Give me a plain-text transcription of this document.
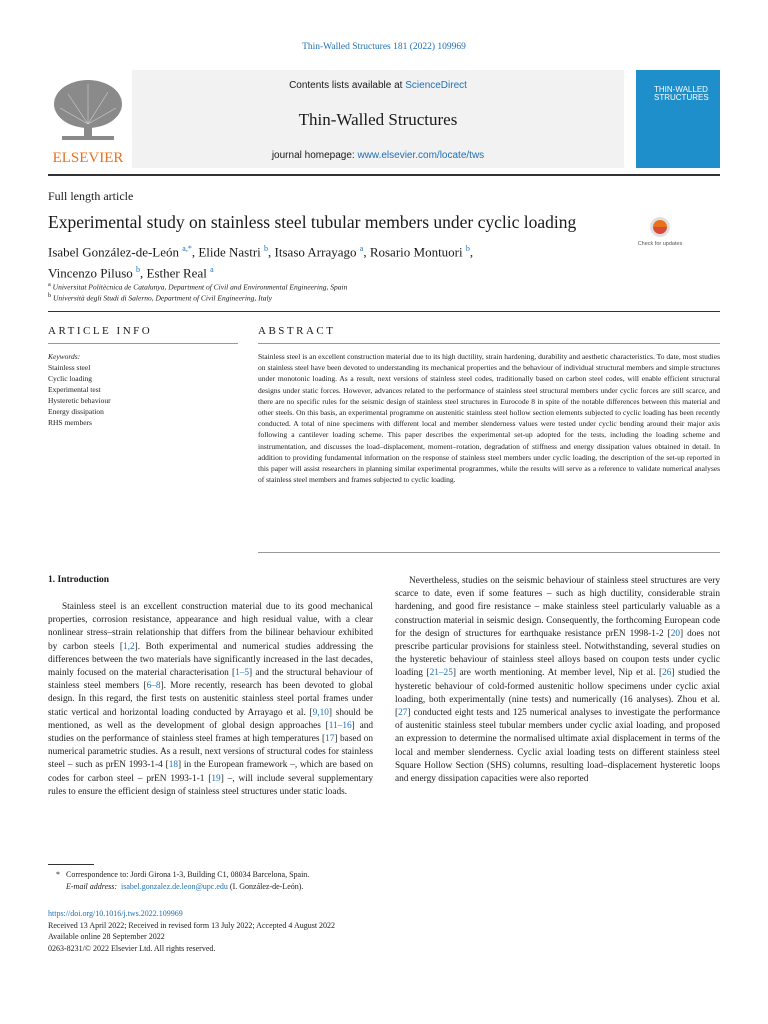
Thin-Walled Structures 181 (2022) 109969
ELSEVIER
Contents lists available at ScienceDirect
Thin-Walled Structures
journal homepage: www.elsevier.com/locate/tws
THIN-WALLED STRUCTURES
Full length article
Experimental study on stainless steel tubular members under cyclic loading
Isabel González-de-León $^{a,*}$, Elide Nastri $^b$, Itsaso Arrayago $^a$, Rosario Montuori $^b$,
Vincenzo Piluso $^b$, Esther Real $^a$
Check for updates
$^a$ Universitat Politècnica de Catalunya, Department of Civil and Environmental Engineering, Spain
$^b$ Università degli Studi di Salerno, Department of Civil Engineering, Italy
ARTICLE INFO	ABSTRACT
Keywords:
Stainless steel
Cyclic loading
Experimental test
Hysteretic behaviour
Energy dissipation
RHS members
Stainless steel is an excellent construction material due to its high ductility, strain hardening, durability and aesthetic characteristics. To date, most studies on stainless steel have been devoted to understanding its mechanical properties and the behaviour of individual structural members and simple structures under monotonic loading. As a result, next versions of stainless steel codes, traditionally based on carbon steel codes, will enable efficient structural designs under static forces. However, advances related to the performance of stainless steel structural members under cyclic forces are still scarce, and there are no specific rules for the seismic design of stainless steel structures in Eurocode 8 in spite of the notable differences between this material and other steels. On this basis, an experimental programme on austenitic stainless steel hollow section elements subjected to cyclic loading has been recently conducted. A total of nine specimens with different local and member slenderness values were tested under cyclic bending around their major axis following a cantilever loading scheme. This paper describes the experimental set-up adopted for the tests, including the loading scheme and instrumentation, and discusses the load–displacement, moment–rotation, degradation of stiffness and energy dissipation values obtained in detail. In addition to providing fundamental information on the response of stainless steel members under cyclic loading, the description of the set-up reported in this paper will assist researchers in planning similar experimental programmes, while the results will serve as a reference to validate numerical analyses of stainless steel members and frames subjected to cyclic loading.
1. Introduction
Stainless steel is an excellent construction material due to its good mechanical properties, corrosion resistance, appearance and high residual value, with a clear nonlinear stress–strain relationship that differs from the bilinear behaviour exhibited by carbon steels [1,2]. Both experimental and numerical studies addressing the differences between the two materials have significantly increased in the last decades, mainly focused on the material characterisation [1–5] and the structural behaviour of stainless steel members [6–8]. More recently, research has been devoted to global design. In this regard, the first tests on austenitic stainless steel portal frames under static vertical and horizontal loading conducted by Arrayago et al. [9,10] should be mentioned, as well as the development of global design approaches [11–16] and studies on the performance of stainless steel frames at high temperatures [17] based on numerical parametric studies. As a result, next versions of structural codes for stainless steel – such as prEN 1993-1-4 [18] in the European framework –, which are based on codes for carbon steel – prEN 1993-1-1 [19] –, will include several supplementary rules to ensure the efficient design of stainless steel structures under static loads.
Nevertheless, studies on the seismic behaviour of stainless steel structures are very scarce to date, even if some features – such as high ductility, considerable strain hardening, and good fire resistance – make stainless steel particularly valuable as a construction material in seismic design. Consequently, the forthcoming European code for the design of structures for earthquake resistance prEN 1998-1-2 [20] does not prescribe particular provisions for stainless steel. Notwithstanding, several studies on the hysteretic behaviour of stainless steel alloys based on coupon tests under cyclic loading [21–25] are worth mentioning. At member level, Nip et al. [26] studied the hysteretic behaviour of cold-formed austenitic hollow specimens under cyclic axial loading, both experimentally (nine tests) and numerically (16 analyses). Zhou et al. [27] conducted eight tests and 125 numerical analyses to investigate the performance of austenitic stainless steel tubular members under cyclic axial loading, and proposed an expression to determine the normalised ultimate axial displacement in terms of the local and member slenderness. Cyclic axial loading tests on different stainless steel Square Hollow Section (SHS) columns, resulting load–displacement hysteretic loops and energy dissipation capacities were also reported
* Correspondence to: Jordi Girona 1-3, Building C1, 08034 Barcelona, Spain.
E-mail address: isabel.gonzalez.de.leon@upc.edu (I. González-de-León).
https://doi.org/10.1016/j.tws.2022.109969
Received 13 April 2022; Received in revised form 13 July 2022; Accepted 4 August 2022
Available online 28 September 2022
0263-8231/© 2022 Elsevier Ltd. All rights reserved.
